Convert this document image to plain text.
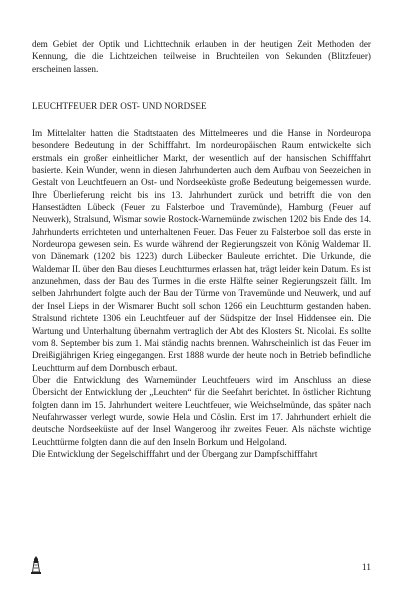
dem Gebiet der Optik und Lichttechnik erlauben in der heutigen Zeit Methoden der Kennung, die die Lichtzeichen teilweise in Bruchteilen von Sekunden (Blitzfeuer) erscheinen lassen.

LEUCHTFEUER DER OST- UND NORDSEE

Im Mittelalter hatten die Stadtstaaten des Mittelmeeres und die Hanse in Nordeuropa besondere Bedeutung in der Schifffahrt. Im nordeuropäischen Raum entwickelte sich erstmals ein großer einheitlicher Markt, der wesentlich auf der hansischen Schifffahrt basierte. Kein Wunder, wenn in diesen Jahrhunderten auch dem Aufbau von Seezeichen in Gestalt von Leuchtfeuern an Ost- und Nordseeküste große Bedeutung beigemessen wurde. Ihre Überlieferung reicht bis ins 13. Jahrhundert zurück und betrifft die von den Hansestädten Lübeck (Feuer zu Falsterboe und Travemünde), Hamburg (Feuer auf Neuwerk), Stralsund, Wismar sowie Rostock-Warnemünde zwischen 1202 bis Ende des 14. Jahrhunderts errichteten und unterhaltenen Feuer. Das Feuer zu Falsterboe soll das erste in Nordeuropa gewesen sein. Es wurde während der Regierungszeit von König Waldemar II. von Dänemark (1202 bis 1223) durch Lübecker Bauleute errichtet. Die Urkunde, die Waldemar II. über den Bau dieses Leuchtturmes erlassen hat, trägt leider kein Datum. Es ist anzunehmen, dass der Bau des Turmes in die erste Hälfte seiner Regierungszeit fällt. Im selben Jahrhundert folgte auch der Bau der Türme von Travemünde und Neuwerk, und auf der Insel Lieps in der Wismarer Bucht soll schon 1266 ein Leuchtturm gestanden haben. Stralsund richtete 1306 ein Leuchtfeuer auf der Südspitze der Insel Hiddensee ein. Die Wartung und Unterhaltung übernahm vertraglich der Abt des Klosters St. Nicolai. Es sollte vom 8. September bis zum 1. Mai ständig nachts brennen. Wahrscheinlich ist das Feuer im Dreißigjährigen Krieg eingegangen. Erst 1888 wurde der heute noch in Betrieb befindliche Leuchtturm auf dem Dornbusch erbaut.

Über die Entwicklung des Warnemünder Leuchtfeuers wird im Anschluss an diese Übersicht der Entwicklung der „Leuchten“ für die Seefahrt berichtet. In östlicher Richtung folgten dann im 15. Jahrhundert weitere Leuchtfeuer, wie Weichselmünde, das später nach Neufahrwasser verlegt wurde, sowie Hela und Cöslin. Erst im 17. Jahrhundert erhielt die deutsche Nordseeküste auf der Insel Wangeroog ihr zweites Feuer. Als nächste wichtige Leuchttürme folgten dann die auf den Inseln Borkum und Helgoland.

Die Entwicklung der Segelschifffahrt und der Übergang zur Dampfschifffahrt

11
